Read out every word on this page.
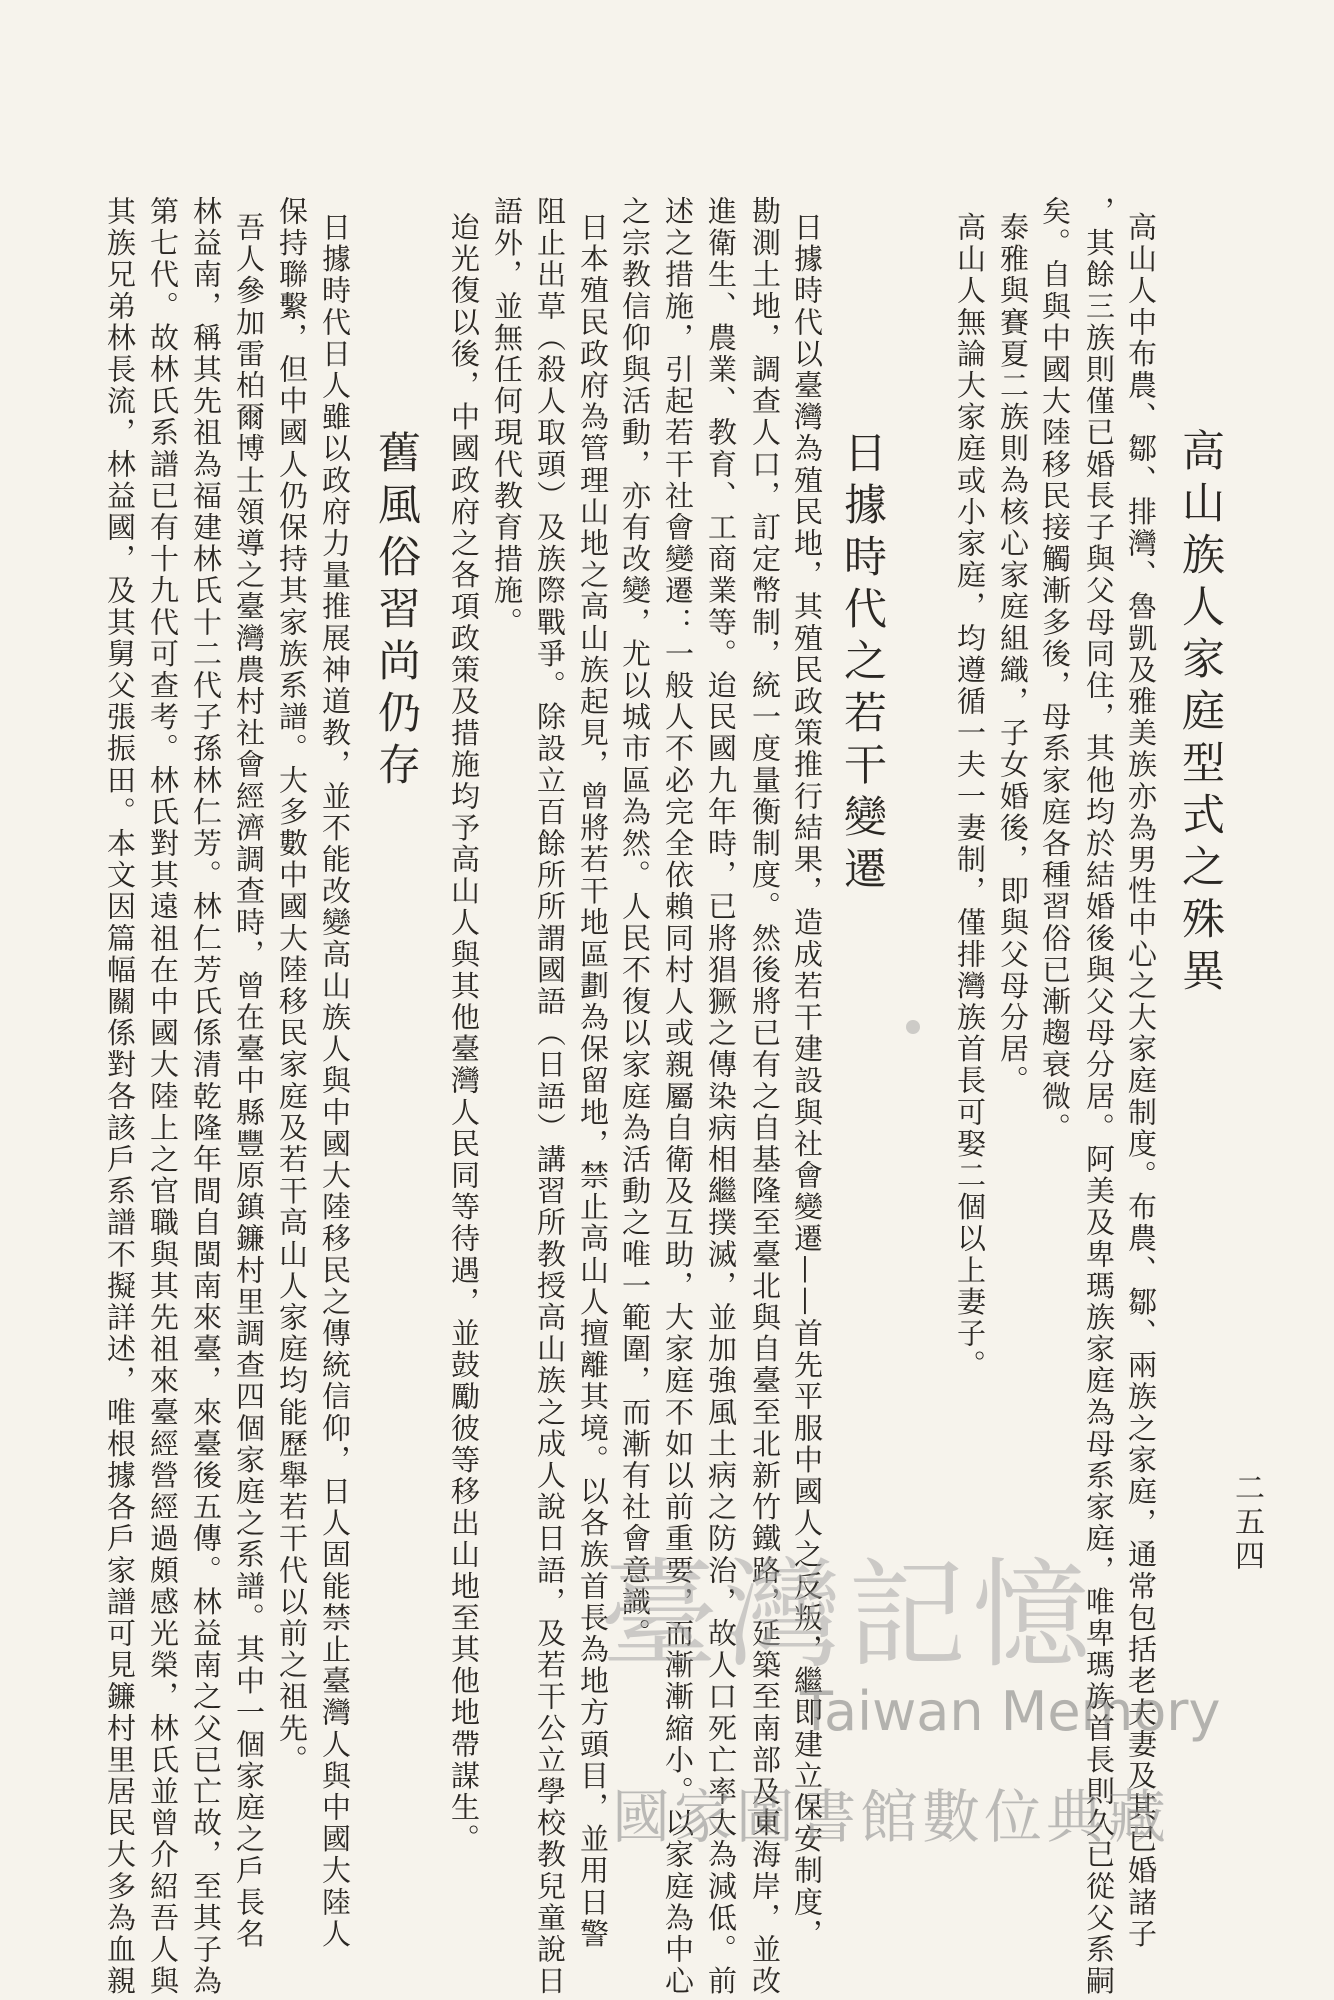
高山族人家庭型式之殊異
高山人中布農、鄒、排灣、魯凱及雅美族亦為男性中心之大家庭制度。布農、鄒、兩族之家庭，通常包括老夫妻及其已婚諸子
，其餘三族則僅已婚長子與父母同住，其他均於結婚後與父母分居。阿美及卑瑪族家庭為母系家庭，唯卑瑪族首長則久已從父系嗣
矣。自與中國大陸移民接觸漸多後，母系家庭各種習俗已漸趨衰微。
泰雅與賽夏二族則為核心家庭組織，子女婚後，即與父母分居。
高山人無論大家庭或小家庭，均遵循一夫一妻制，僅排灣族首長可娶二個以上妻子。
日據時代之若干變遷
日據時代以臺灣為殖民地，其殖民政策推行結果，造成若干建設與社會變遷——首先平服中國人之反叛，繼即建立保安制度，
勘測土地，調查人口，訂定幣制，統一度量衡制度。然後將已有之自基隆至臺北與自臺至北新竹鐵路，延築至南部及東海岸，並改
進衛生、農業、教育、工商業等。迨民國九年時，已將猖獗之傳染病相繼撲滅，並加強風土病之防治，故人口死亡率大為減低。前
述之措施，引起若干社會變遷：一般人不必完全依賴同村人或親屬自衛及互助，大家庭不如以前重要，而漸漸縮小。以家庭為中心
之宗教信仰與活動，亦有改變，尤以城市區為然。人民不復以家庭為活動之唯一範圍，而漸有社會意識。
日本殖民政府為管理山地之高山族起見，曾將若干地區劃為保留地，禁止高山人擅離其境。以各族首長為地方頭目，並用日警
阻止出草（殺人取頭）及族際戰爭。除設立百餘所所謂國語（日語）講習所教授高山族之成人說日語，及若干公立學校教兒童說日
語外，並無任何現代教育措施。
迨光復以後，中國政府之各項政策及措施均予高山人與其他臺灣人民同等待遇，並鼓勵彼等移出山地至其他地帶謀生。
舊風俗習尚仍存
日據時代日人雖以政府力量推展神道教，並不能改變高山族人與中國大陸移民之傳統信仰，日人固能禁止臺灣人與中國大陸人
保持聯繫，但中國人仍保持其家族系譜。大多數中國大陸移民家庭及若干高山人家庭均能歷舉若干代以前之祖先。
吾人參加雷柏爾博士領導之臺灣農村社會經濟調查時，曾在臺中縣豐原鎮鐮村里調查四個家庭之系譜。其中一個家庭之戶長名
林益南，稱其先祖為福建林氏十二代子孫林仁芳。林仁芳氏係清乾隆年間自閩南來臺，來臺後五傳。林益南之父已亡故，至其子為
第七代。故林氏系譜已有十九代可查考。林氏對其遠祖在中國大陸上之官職與其先祖來臺經營經過頗感光榮，林氏並曾介紹吾人與
其族兄弟林長流，林益國，及其舅父張振田。本文因篇幅關係對各該戶系譜不擬詳述，唯根據各戶家譜可見鐮村里居民大多為血親	二五四
臺灣記憶
Taiwan Memory
國家圖書館數位典藏
